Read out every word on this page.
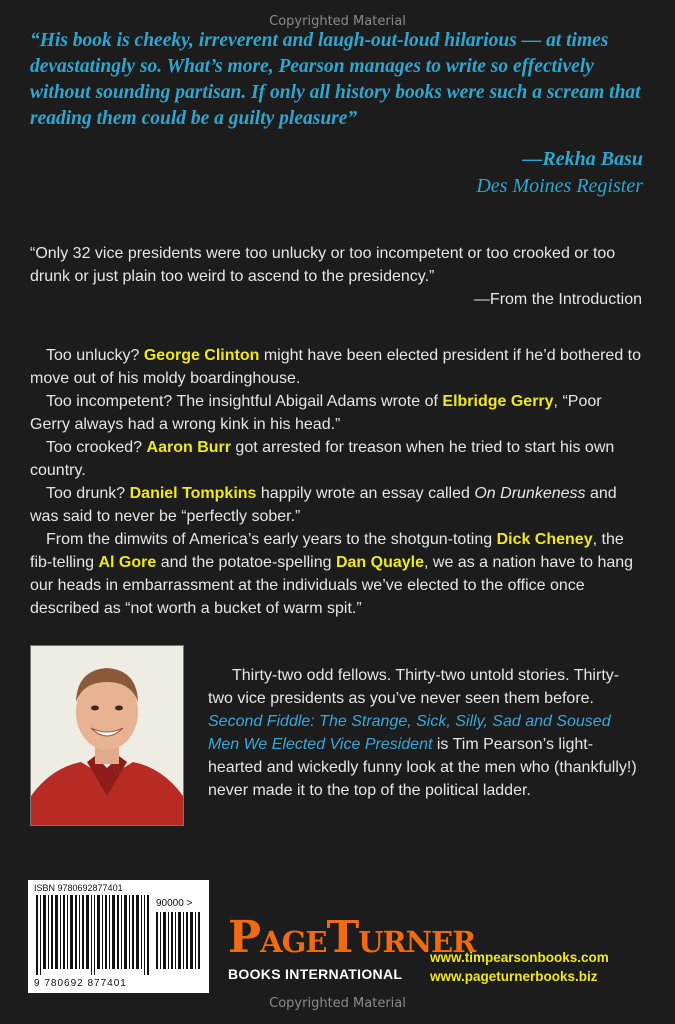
Copyrighted Material

“His book is cheeky, irreverent and laugh-out-loud hilarious — at times devastatingly so. What’s more, Pearson manages to write so effectively without sounding partisan. If only all history books were such a scream that reading them could be a guilty pleasure”

—Rekha Basu
Des Moines Register

“Only 32 vice presidents were too unlucky or too incompetent or too crooked or too drunk or just plain too weird to ascend to the presidency.”

—From the Introduction

Too unlucky? George Clinton might have been elected president if he’d bothered to move out of his moldy boardinghouse.

Too incompetent? The insightful Abigail Adams wrote of Elbridge Gerry, “Poor Gerry always had a wrong kink in his head.”

Too crooked? Aaron Burr got arrested for treason when he tried to start his own country.

Too drunk? Daniel Tompkins happily wrote an essay called On Drunkeness and was said to never be “perfectly sober.”

From the dimwits of America’s early years to the shotgun-toting Dick Cheney, the fib-telling Al Gore and the potatoe-spelling Dan Quayle, we as a nation have to hang our heads in embarrassment at the individuals we’ve elected to the office once described as “not worth a bucket of warm spit.”

Thirty-two odd fellows. Thirty-two untold stories. Thirty-two vice presidents as you’ve never seen them before. Second Fiddle: The Strange, Sick, Silly, Sad and Soused Men We Elected Vice President is Tim Pearson’s light-hearted and wickedly funny look at the men who (thankfully!) never made it to the top of the political ladder.

ISBN 9780692877401
90000 >
9 780692 877401
PAGETURNER
BOOKS INTERNATIONAL
www.timpearsonbooks.com
www.pageturnerbooks.biz
Copyrighted Material
